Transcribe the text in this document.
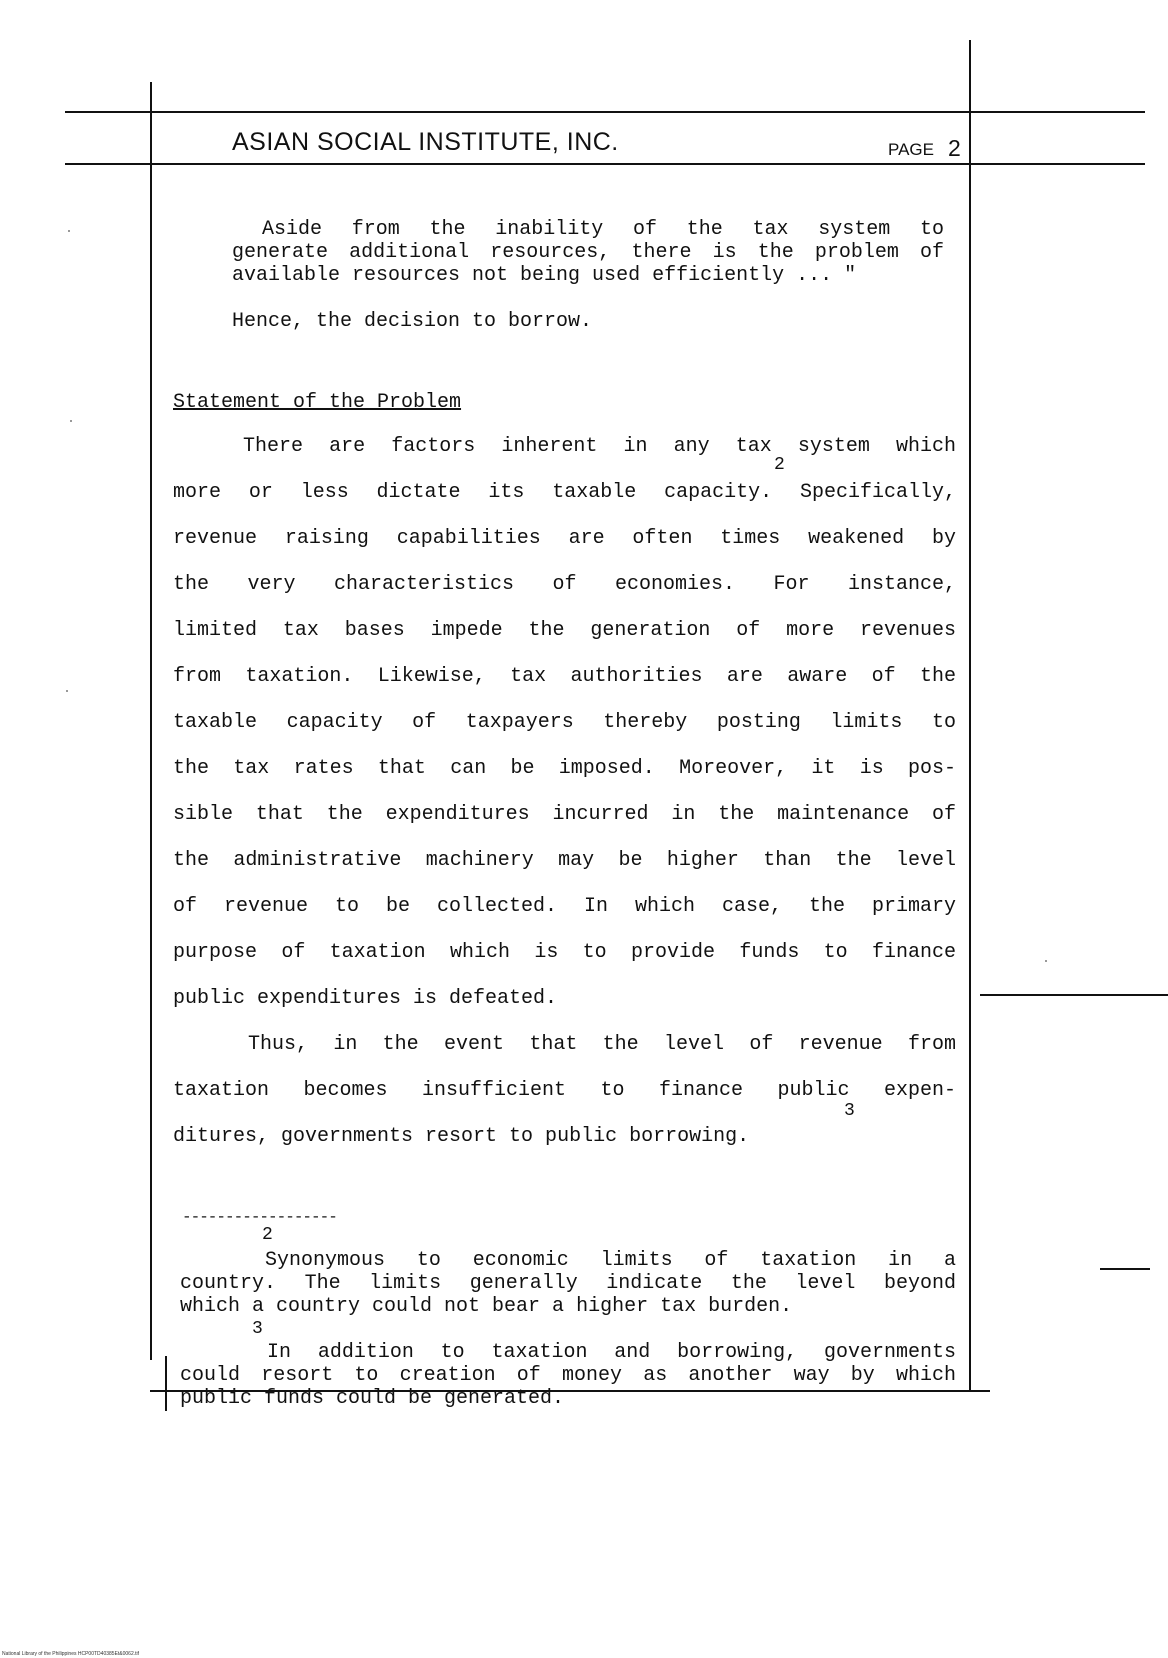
ASIAN SOCIAL INSTITUTE, INC.	PAGE 2
Aside from the inability of the tax system to
generate additional resources, there is the problem of
available resources not being used efficiently ... "
Hence, the decision to borrow.
Statement of the Problem
There are factors inherent in any tax system which
2
more or less dictate its taxable capacity. Specifically,
revenue raising capabilities are often times weakened by
the very characteristics of economies. For instance,
limited tax bases impede the generation of more revenues
from taxation. Likewise, tax authorities are aware of the
taxable capacity of taxpayers thereby posting limits to
the tax rates that can be imposed. Moreover, it is pos-
sible that the expenditures incurred in the maintenance of
the administrative machinery may be higher than the level
of revenue to be collected. In which case, the primary
purpose of taxation which is to provide funds to finance
public expenditures is defeated.
Thus, in the event that the level of revenue from
taxation becomes insufficient to finance public expen-
3
ditures, governments resort to public borrowing.
------------------
2
Synonymous to economic limits of taxation in a
country. The limits generally indicate the level beyond
which a country could not bear a higher tax burden.
3
In addition to taxation and borrowing, governments
could resort to creation of money as another way by which
public funds could be generated.
National Library of the Philippines HCP00TD40385Et&0062.tif
